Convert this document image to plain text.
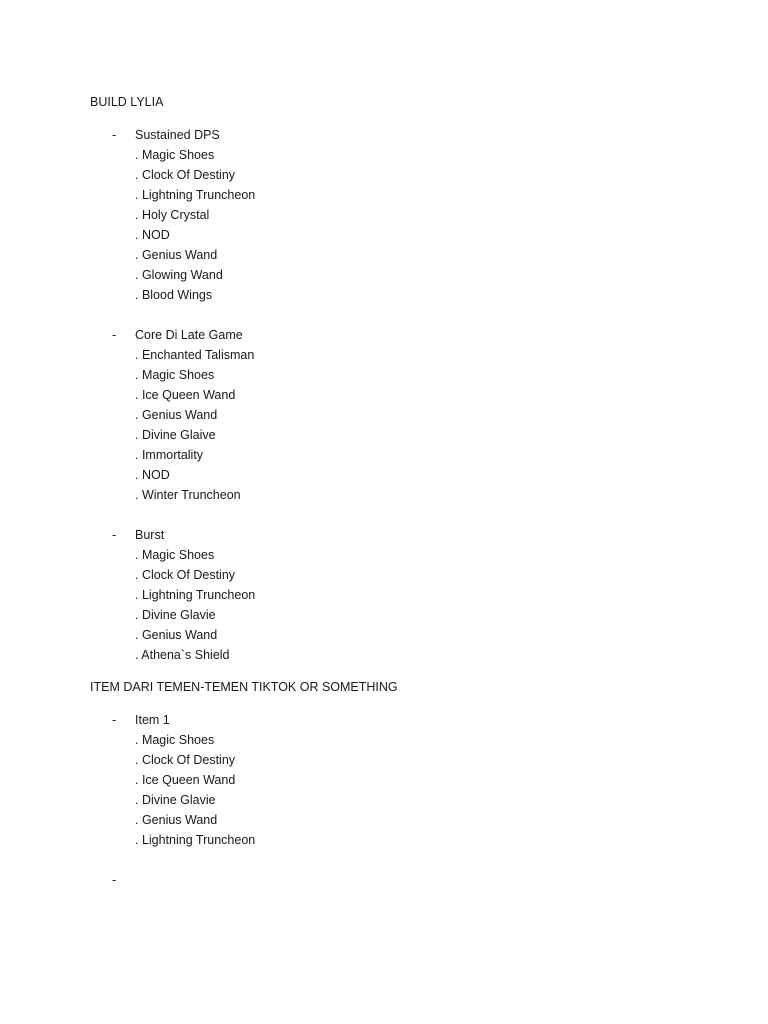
BUILD LYLIA
- Sustained DPS
. Magic Shoes
. Clock Of Destiny
. Lightning Truncheon
. Holy Crystal
. NOD
. Genius Wand
. Glowing Wand
. Blood Wings
- Core Di Late Game
. Enchanted Talisman
. Magic Shoes
. Ice Queen Wand
. Genius Wand
. Divine Glaive
. Immortality
. NOD
. Winter Truncheon
- Burst
. Magic Shoes
. Clock Of Destiny
. Lightning Truncheon
. Divine Glavie
. Genius Wand
. Athena`s Shield
ITEM DARI TEMEN-TEMEN TIKTOK OR SOMETHING
- Item 1
. Magic Shoes
. Clock Of Destiny
. Ice Queen Wand
. Divine Glavie
. Genius Wand
. Lightning Truncheon
-
